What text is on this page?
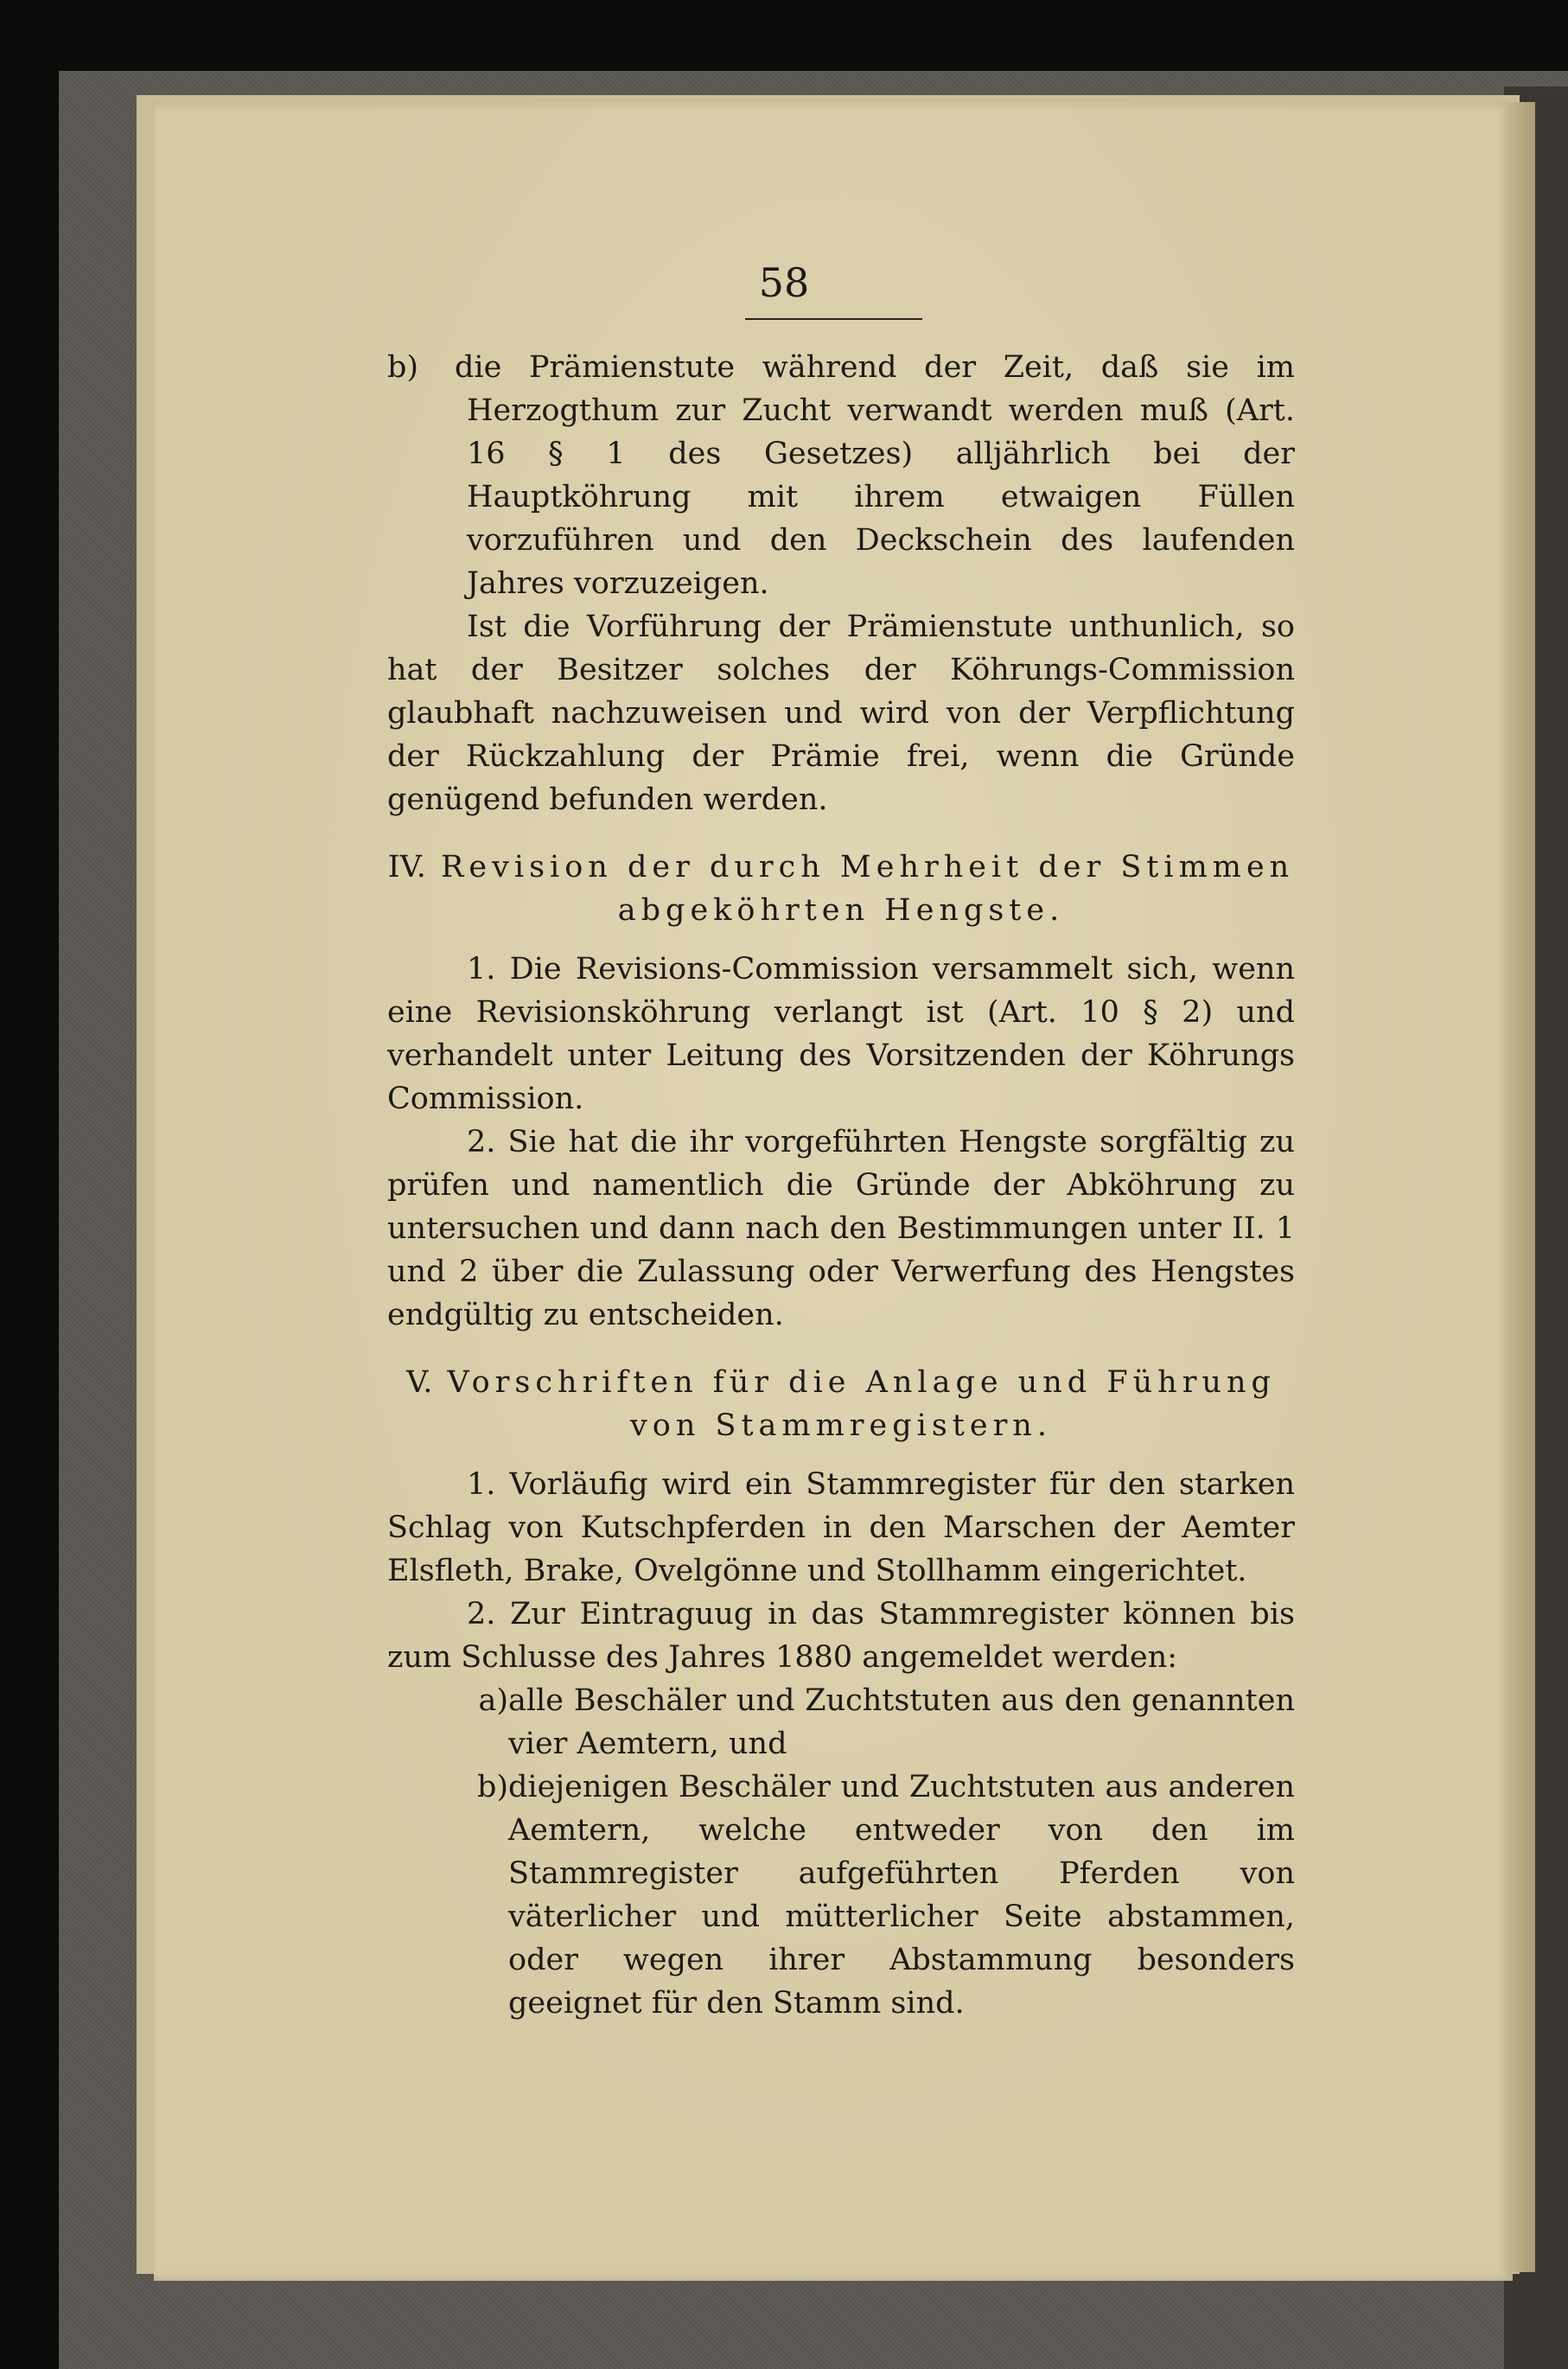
58

b) die Prämienstute während der Zeit, daß sie im Herzogthum zur Zucht verwandt werden muß (Art. 16 § 1 des Gesetzes) alljährlich bei der Hauptköhrung mit ihrem etwaigen Füllen vorzuführen und den Deckschein des laufenden Jahres vorzuzeigen.

Ist die Vorführung der Prämienstute unthunlich, so hat der Besitzer solches der Köhrungs-Commission glaubhaft nachzuweisen und wird von der Verpflichtung der Rückzahlung der Prämie frei, wenn die Gründe genügend befunden werden.

IV. Revision der durch Mehrheit der Stimmen abgeköhrten Hengste.

1. Die Revisions-Commission versammelt sich, wenn eine Revisionsköhrung verlangt ist (Art. 10 § 2) und verhandelt unter Leitung des Vorsitzenden der Köhrungs Commission.

2. Sie hat die ihr vorgeführten Hengste sorgfältig zu prüfen und namentlich die Gründe der Abköhrung zu untersuchen und dann nach den Bestimmungen unter II. 1 und 2 über die Zulassung oder Verwerfung des Hengstes endgültig zu entscheiden.

V. Vorschriften für die Anlage und Führung von Stammregistern.

1. Vorläufig wird ein Stammregister für den starken Schlag von Kutschpferden in den Marschen der Aemter Elsfleth, Brake, Ovelgönne und Stollhamm eingerichtet.

2. Zur Eintraguug in das Stammregister können bis zum Schlusse des Jahres 1880 angemeldet werden:

a)alle Beschäler und Zuchtstuten aus den genannten vier Aemtern, und

b)diejenigen Beschäler und Zuchtstuten aus anderen Aemtern, welche entweder von den im Stammregister aufgeführten Pferden von väterlicher und mütterlicher Seite abstammen, oder wegen ihrer Abstammung besonders geeignet für den Stamm sind.
